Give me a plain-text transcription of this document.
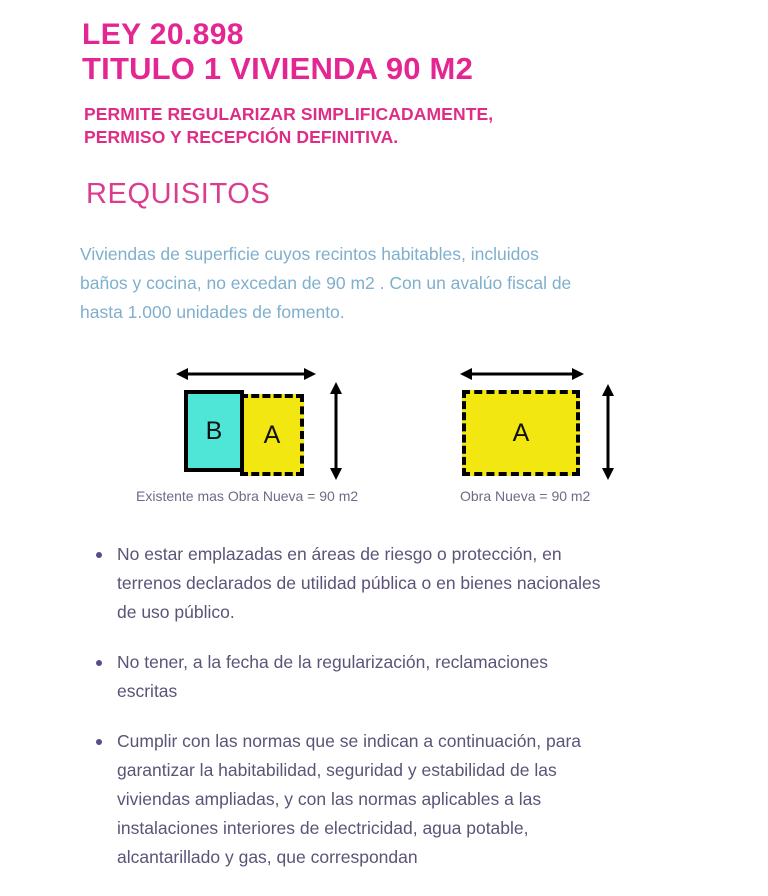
LEY 20.898
TITULO 1 VIVIENDA 90 M2
PERMITE REGULARIZAR SIMPLIFICADAMENTE,
PERMISO Y RECEPCIÓN DEFINITIVA.
REQUISITOS
Viviendas de superficie cuyos recintos habitables, incluidos
baños y cocina, no excedan de 90 m2 . Con un avalúo fiscal de
hasta 1.000 unidades de fomento.
B A
Existente mas Obra Nueva = 90 m2
A
Obra Nueva = 90 m2
No estar emplazadas en áreas de riesgo o protección, en
terrenos declarados de utilidad pública o en bienes nacionales
de uso público.
No tener, a la fecha de la regularización, reclamaciones
escritas
Cumplir con las normas que se indican a continuación, para
garantizar la habitabilidad, seguridad y estabilidad de las
viviendas ampliadas, y con las normas aplicables a las
instalaciones interiores de electricidad, agua potable,
alcantarillado y gas, que correspondan
